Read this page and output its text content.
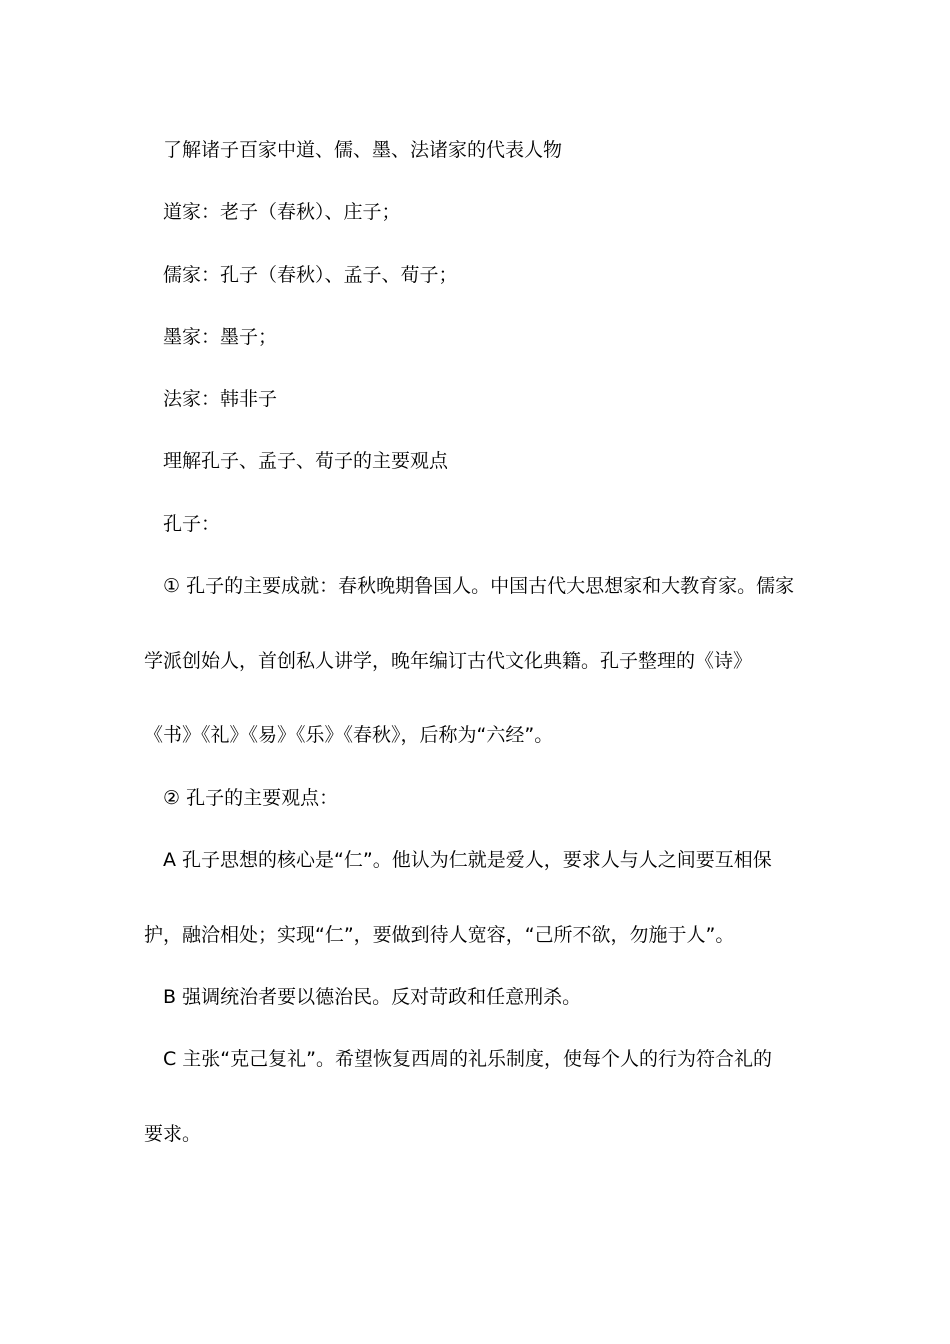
了解诸子百家中道、儒、墨、法诸家的代表人物
道家：老子（春秋）、庄子；
儒家：孔子（春秋）、孟子、荀子；
墨家：墨子；
法家：韩非子
理解孔子、孟子、荀子的主要观点
孔子：
① 孔子的主要成就：春秋晚期鲁国人。中国古代大思想家和大教育家。儒家
学派创始人，首创私人讲学，晚年编订古代文化典籍。孔子整理的《诗》
《书》《礼》《易》《乐》《春秋》，后称为“六经”。
② 孔子的主要观点：
A 孔子思想的核心是“仁”。他认为仁就是爱人，要求人与人之间要互相保
护，融洽相处；实现“仁”，要做到待人宽容，“己所不欲，勿施于人”。
B 强调统治者要以德治民。反对苛政和任意刑杀。
C 主张“克己复礼”。希望恢复西周的礼乐制度，使每个人的行为符合礼的
要求。
